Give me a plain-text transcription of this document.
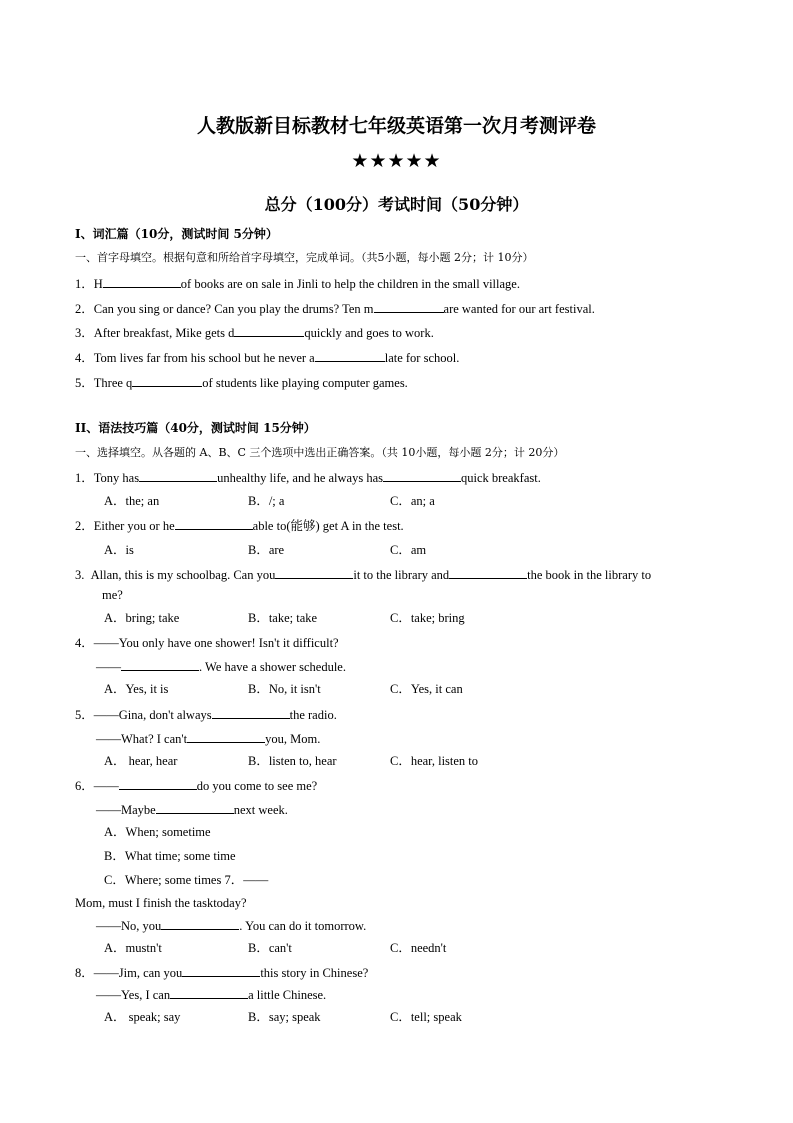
人教版新目标教材七年级英语第一次月考测评卷
★★★★★
总分（100分）考试时间（50分钟）
I、词汇篇（10分，测试时间 5分钟）
一、首字母填空。根据句意和所给首字母填空，完成单词。（共5小题，每小题 2分；计 10分）
1．H	of books are on sale in Jinli to help the children in the small village.
2．Can you sing or dance? Can you play the drums? Ten m	are wanted for our art festival.
3．After breakfast, Mike gets d	quickly and goes to work.
4．Tom lives far from his school but he never a	late for school.
5．Three q	of students like playing computer games.
II、语法技巧篇（40分，测试时间 15分钟）
一、选择填空。从各题的 A、B、C 三个选项中选出正确答案。（共 10小题，每小题 2分；计 20分）
1．Tony has	unhealthy life, and he always has	quick breakfast.
A．the; an	B．/; a	C．an; a
2．Either you or he	able to(能够) get A in the test.
A．is	B．are	C．am
3. Allan, this is my schoolbag. Can you	it to the library and	the book in the library to
me?
A．bring; take	B．take; take	C．take; bring
4．——You only have one shower! Isn't it difficult?
——	. We have a shower schedule.
A．Yes, it is	B．No, it isn't	C．Yes, it can
5．——Gina, don't always	the radio.
——What? I can't	you, Mom.
A． hear, hear	B．listen to, hear	C．hear, listen to
6．——	do you come to see me?
——Maybe	next week.
A．When; sometime
B．What time; some time
C．Where; some times 7．——
Mom, must I finish the tasktoday?
——No, you	. You can do it tomorrow.
A．mustn't	B．can't	C．needn't
8．——Jim, can you	this story in Chinese?
——Yes, I can	a little Chinese.
A． speak; say	B．say; speak	C．tell; speak
